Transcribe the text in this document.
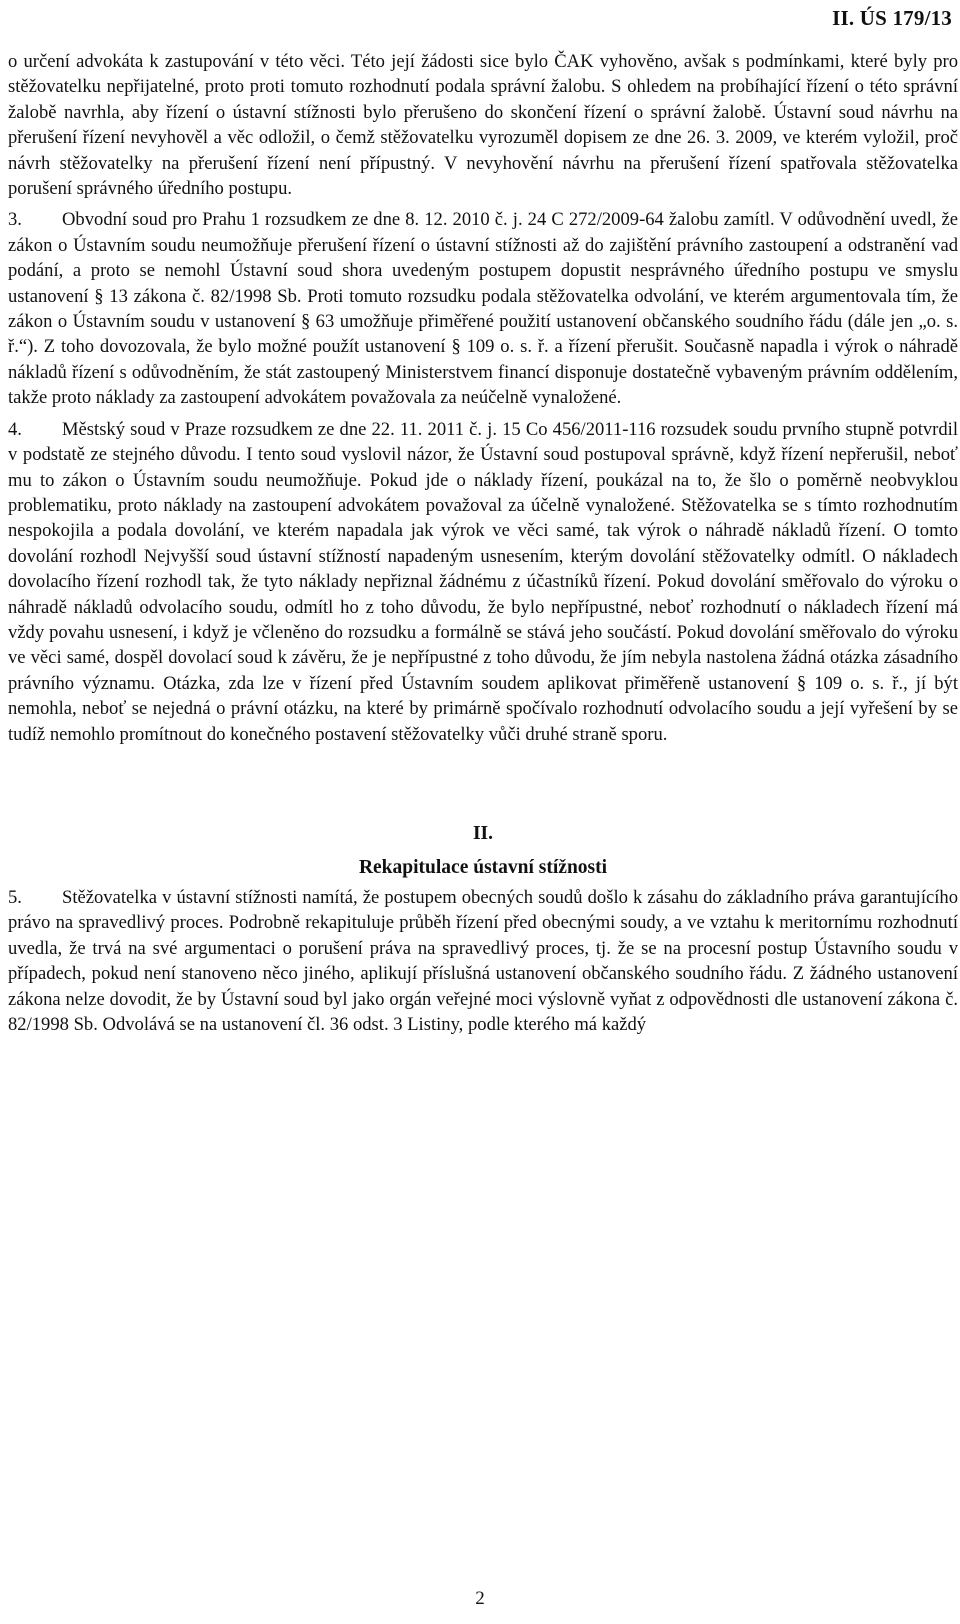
II. ÚS 179/13

o určení advokáta k zastupování v této věci. Této její žádosti sice bylo ČAK vyhověno, avšak s podmínkami, které byly pro stěžovatelku nepřijatelné, proto proti tomuto rozhodnutí podala správní žalobu. S ohledem na probíhající řízení o této správní žalobě navrhla, aby řízení o ústavní stížnosti bylo přerušeno do skončení řízení o správní žalobě. Ústavní soud návrhu na přerušení řízení nevyhověl a věc odložil, o čemž stěžovatelku vyrozuměl dopisem ze dne 26. 3. 2009, ve kterém vyložil, proč návrh stěžovatelky na přerušení řízení není přípustný. V nevyhovění návrhu na přerušení řízení spatřovala stěžovatelka porušení správného úředního postupu.

3. Obvodní soud pro Prahu 1 rozsudkem ze dne 8. 12. 2010 č. j. 24 C 272/2009-64 žalobu zamítl. V odůvodnění uvedl, že zákon o Ústavním soudu neumožňuje přerušení řízení o ústavní stížnosti až do zajištění právního zastoupení a odstranění vad podání, a proto se nemohl Ústavní soud shora uvedeným postupem dopustit nesprávného úředního postupu ve smyslu ustanovení § 13 zákona č. 82/1998 Sb. Proti tomuto rozsudku podala stěžovatelka odvolání, ve kterém argumentovala tím, že zákon o Ústavním soudu v ustanovení § 63 umožňuje přiměřené použití ustanovení občanského soudního řádu (dále jen „o. s. ř.“). Z toho dovozovala, že bylo možné použít ustanovení § 109 o. s. ř. a řízení přerušit. Současně napadla i výrok o náhradě nákladů řízení s odůvodněním, že stát zastoupený Ministerstvem financí disponuje dostatečně vybaveným právním oddělením, takže proto náklady za zastoupení advokátem považovala za neúčelně vynaložené.

4. Městský soud v Praze rozsudkem ze dne 22. 11. 2011 č. j. 15 Co 456/2011-116 rozsudek soudu prvního stupně potvrdil v podstatě ze stejného důvodu. I tento soud vyslovil názor, že Ústavní soud postupoval správně, když řízení nepřerušil, neboť mu to zákon o Ústavním soudu neumožňuje. Pokud jde o náklady řízení, poukázal na to, že šlo o poměrně neobvyklou problematiku, proto náklady na zastoupení advokátem považoval za účelně vynaložené. Stěžovatelka se s tímto rozhodnutím nespokojila a podala dovolání, ve kterém napadala jak výrok ve věci samé, tak výrok o náhradě nákladů řízení. O tomto dovolání rozhodl Nejvyšší soud ústavní stížností napadeným usnesením, kterým dovolání stěžovatelky odmítl. O nákladech dovolacího řízení rozhodl tak, že tyto náklady nepřiznal žádnému z účastníků řízení. Pokud dovolání směřovalo do výroku o náhradě nákladů odvolacího soudu, odmítl ho z toho důvodu, že bylo nepřípustné, neboť rozhodnutí o nákladech řízení má vždy povahu usnesení, i když je včleněno do rozsudku a formálně se stává jeho součástí. Pokud dovolání směřovalo do výroku ve věci samé, dospěl dovolací soud k závěru, že je nepřípustné z toho důvodu, že jím nebyla nastolena žádná otázka zásadního právního významu. Otázka, zda lze v řízení před Ústavním soudem aplikovat přiměřeně ustanovení § 109 o. s. ř., jí být nemohla, neboť se nejedná o právní otázku, na které by primárně spočívalo rozhodnutí odvolacího soudu a její vyřešení by se tudíž nemohlo promítnout do konečného postavení stěžovatelky vůči druhé straně sporu.

II.

Rekapitulace ústavní stížnosti

5. Stěžovatelka v ústavní stížnosti namítá, že postupem obecných soudů došlo k zásahu do základního práva garantujícího právo na spravedlivý proces. Podrobně rekapituluje průběh řízení před obecnými soudy, a ve vztahu k meritornímu rozhodnutí uvedla, že trvá na své argumentaci o porušení práva na spravedlivý proces, tj. že se na procesní postup Ústavního soudu v případech, pokud není stanoveno něco jiného, aplikují příslušná ustanovení občanského soudního řádu. Z žádného ustanovení zákona nelze dovodit, že by Ústavní soud byl jako orgán veřejné moci výslovně vyňat z odpovědnosti dle ustanovení zákona č. 82/1998 Sb. Odvolává se na ustanovení čl. 36 odst. 3 Listiny, podle kterého má každý

2
